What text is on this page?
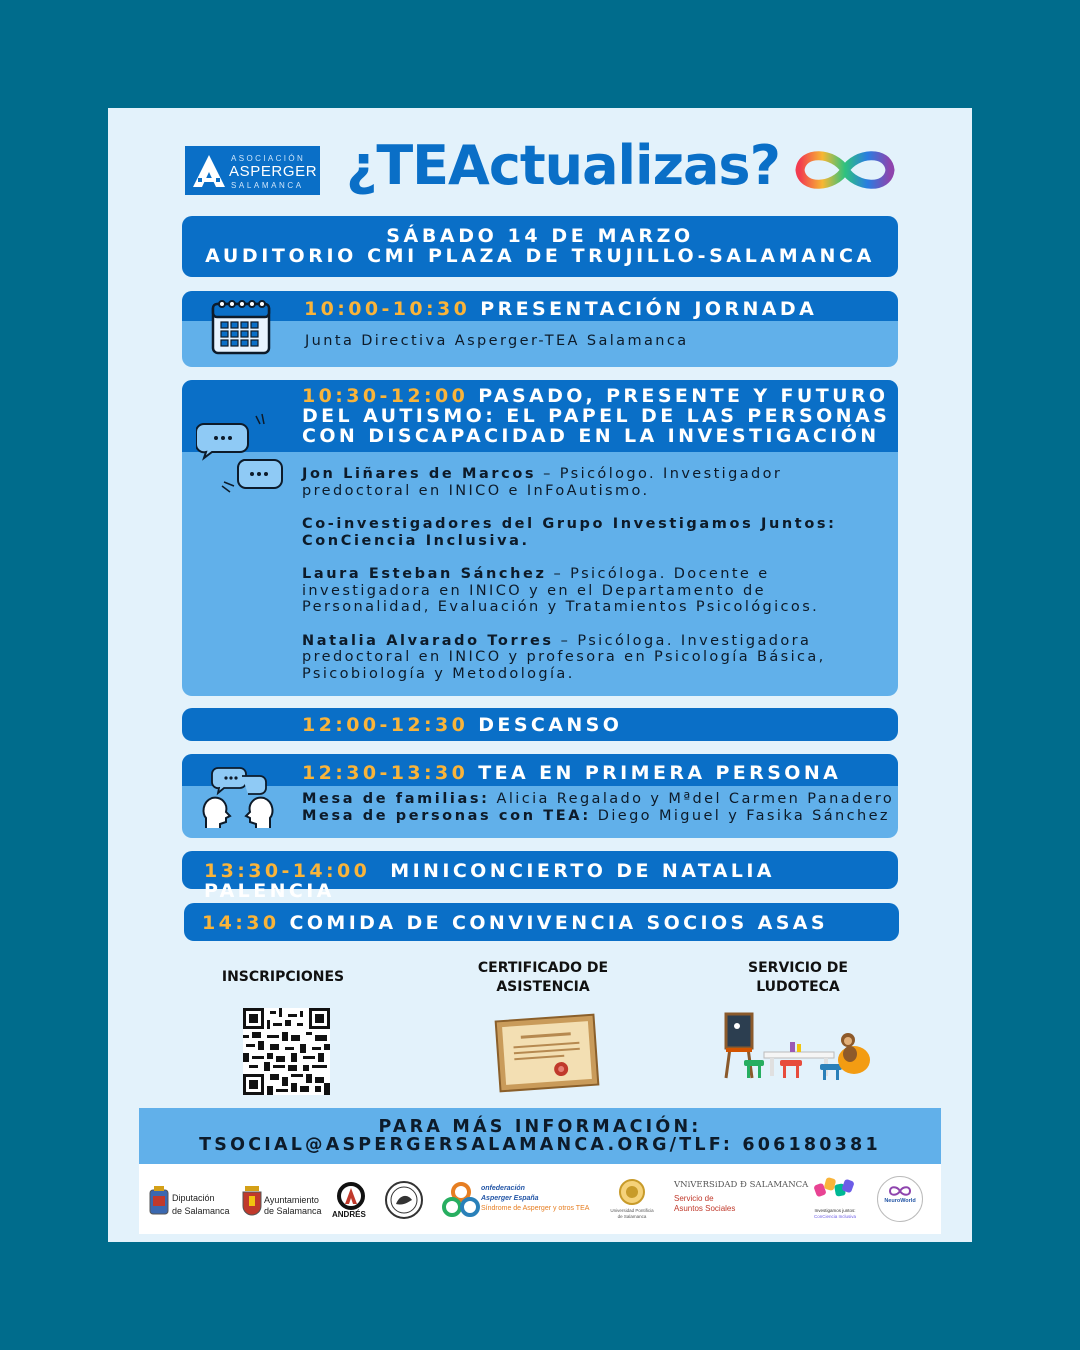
ASOCIACIÓN
ASPERGER
SALAMANCA ¿TEActualizas?
SÁBADO 14 DE MARZO
AUDITORIO CMI PLAZA DE TRUJILLO-SALAMANCA
10:00-10:30 PRESENTACIÓN JORNADA
Junta Directiva Asperger-TEA Salamanca
10:30-12:00 PASADO, PRESENTE Y FUTURO
DEL AUTISMO: EL PAPEL DE LAS PERSONAS
CON DISCAPACIDAD EN LA INVESTIGACIÓN

Jon Liñares de Marcos – Psicólogo. Investigador predoctoral en INICO e InFoAutismo.

Co-investigadores del Grupo Investigamos Juntos: ConCiencia Inclusiva.

Laura Esteban Sánchez – Psicóloga. Docente e investigadora en INICO y en el Departamento de Personalidad, Evaluación y Tratamientos Psicológicos.

Natalia Alvarado Torres – Psicóloga. Investigadora predoctoral en INICO y profesora en Psicología Básica, Psicobiología y Metodología.

12:00-12:30 DESCANSO
12:30-13:30 TEA EN PRIMERA PERSONA
Mesa de familias: Alicia Regalado y Mªdel Carmen Panadero
Mesa de personas con TEA: Diego Miguel y Fasika Sánchez
13:30-14:00 MINICONCIERTO DE NATALIA PALENCIA
14:30 COMIDA DE CONVIVENCIA SOCIOS ASAS
INSCRIPCIONES
CERTIFICADO DE
ASISTENCIA
SERVICIO DE
LUDOTECA
PARA MÁS INFORMACIÓN:
TSOCIAL@ASPERGERSALAMANCA.ORG/TLF: 606180381
Diputación
de Salamanca
Ayuntamiento
de Salamanca ANDRÉS
onfederación
Asperger España
Síndrome de Asperger y otros TEA	Universidad Pontificia
de Salamanca
VNiVERSiDAD Ð SALAMANCA
Servicio de
Asuntos Sociales	Investigamos juntos:
ConCiencia Inclusiva
NeuroWorld
